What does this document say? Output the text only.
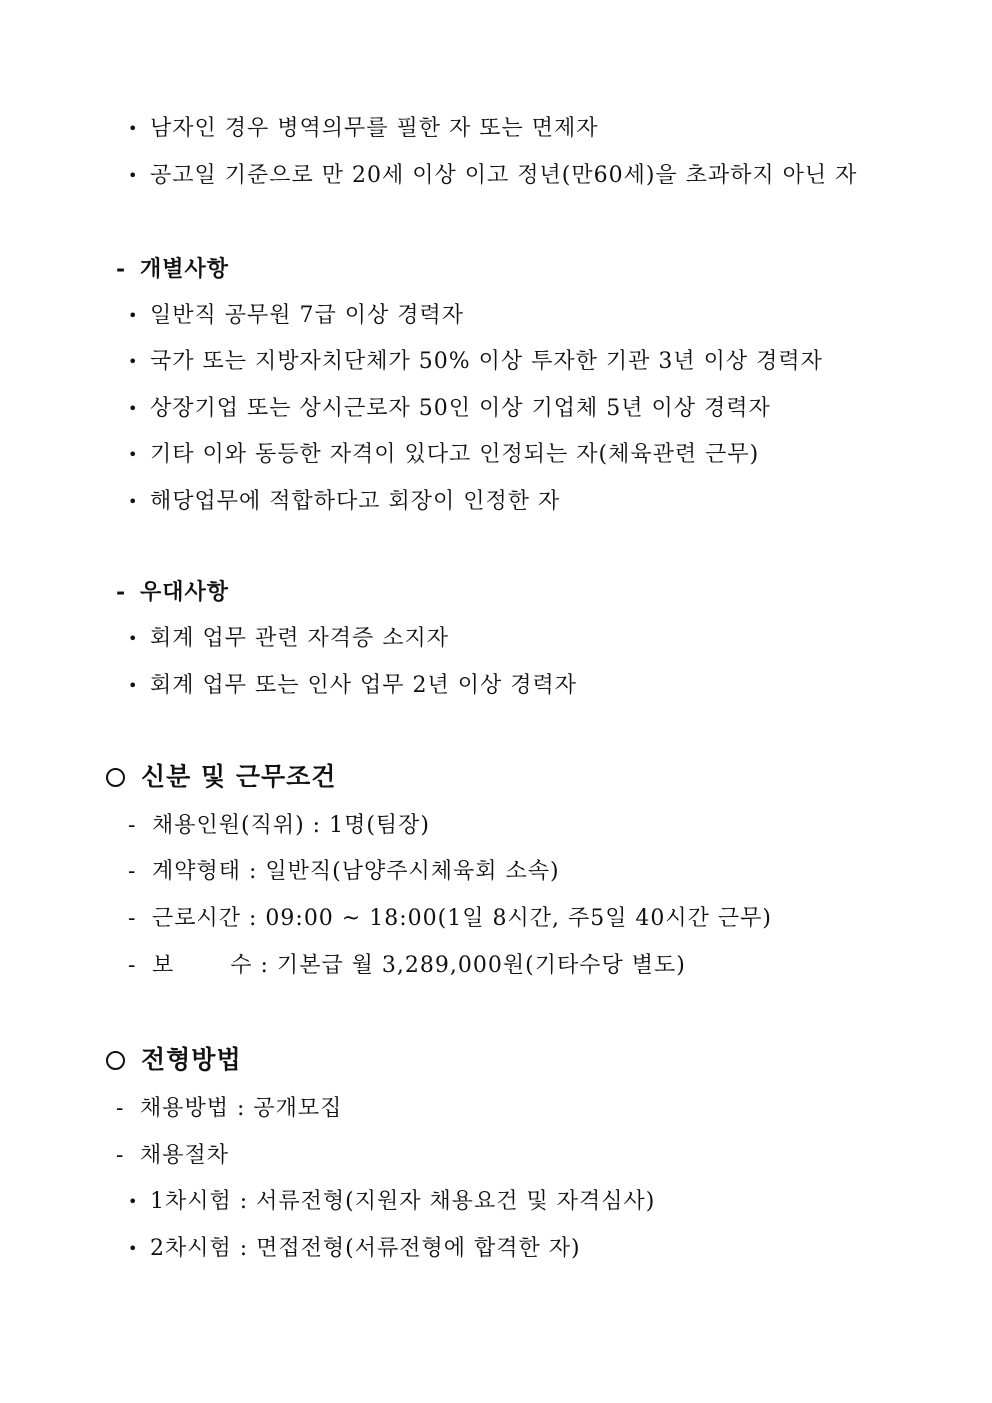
• 남자인 경우 병역의무를 필한 자 또는 면제자
• 공고일 기준으로 만 20세 이상 이고 정년(만60세)을 초과하지 아닌 자
- 개별사항
• 일반직 공무원 7급 이상 경력자
• 국가 또는 지방자치단체가 50% 이상 투자한 기관 3년 이상 경력자
• 상장기업 또는 상시근로자 50인 이상 기업체 5년 이상 경력자
• 기타 이와 동등한 자격이 있다고 인정되는 자(체육관련 근무)
• 해당업무에 적합하다고 회장이 인정한 자
- 우대사항
• 회계 업무 관련 자격증 소지자
• 회계 업무 또는 인사 업무 2년 이상 경력자
신분 및 근무조건
- 채용인원(직위) : 1명(팀장)
- 계약형태 : 일반직(남양주시체육회 소속)
- 근로시간 : 09:00 ~ 18:00(1일 8시간, 주5일 40시간 근무)
- 보	수 : 기본급 월 3,289,000원(기타수당 별도)
전형방법
- 채용방법 : 공개모집
- 채용절차
• 1차시험 : 서류전형(지원자 채용요건 및 자격심사)
• 2차시험 : 면접전형(서류전형에 합격한 자)
